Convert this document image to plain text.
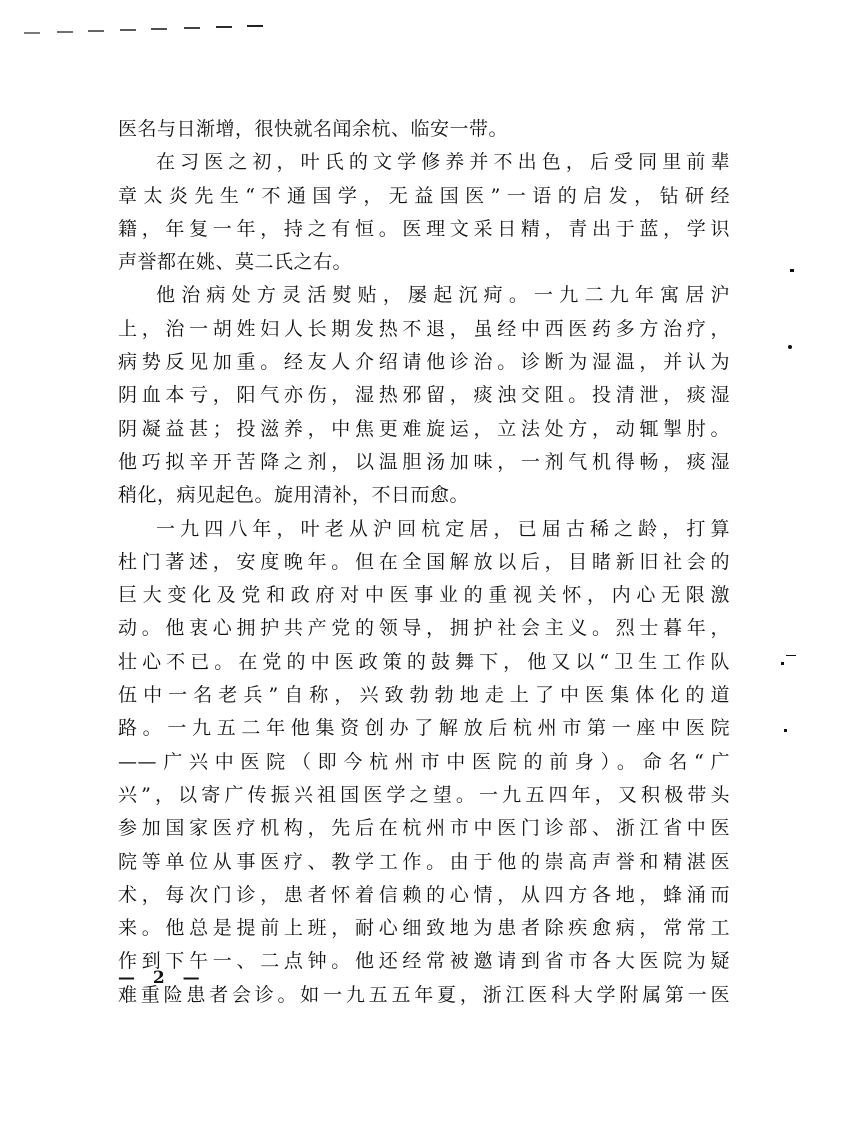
医名与日渐增，很快就名闻余杭、临安一带。
在习医之初，叶氏的文学修养并不出色，后受同里前辈
章太炎先生“不通国学，无益国医”一语的启发，钻研经
籍，年复一年，持之有恒。医理文采日精，青出于蓝，学识
声誉都在姚、莫二氏之右。
他治病处方灵活熨贴，屡起沉疴。一九二九年寓居沪
上，治一胡姓妇人长期发热不退，虽经中西医药多方治疗，
病势反见加重。经友人介绍请他诊治。诊断为湿温，并认为
阴血本亏，阳气亦伤，湿热邪留，痰浊交阻。投清泄，痰湿
阴凝益甚；投滋养，中焦更难旋运，立法处方，动辄掣肘。
他巧拟辛开苦降之剂，以温胆汤加味，一剂气机得畅，痰湿
稍化，病见起色。旋用清补，不日而愈。
一九四八年，叶老从沪回杭定居，已届古稀之龄，打算
杜门著述，安度晚年。但在全国解放以后，目睹新旧社会的
巨大变化及党和政府对中医事业的重视关怀，内心无限激
动。他衷心拥护共产党的领导，拥护社会主义。烈士暮年，
壮心不已。在党的中医政策的鼓舞下，他又以“卫生工作队
伍中一名老兵”自称，兴致勃勃地走上了中医集体化的道
路。一九五二年他集资创办了解放后杭州市第一座中医院
——广兴中医院（即今杭州市中医院的前身）。命名“广
兴”，以寄广传振兴祖国医学之望。一九五四年，又积极带头
参加国家医疗机构，先后在杭州市中医门诊部、浙江省中医
院等单位从事医疗、教学工作。由于他的崇高声誉和精湛医
术，每次门诊，患者怀着信赖的心情，从四方各地，蜂涌而
来。他总是提前上班，耐心细致地为患者除疾愈病，常常工
作到下午一、二点钟。他还经常被邀请到省市各大医院为疑
难重险患者会诊。如一九五五年夏，浙江医科大学附属第一医
— 2 —
